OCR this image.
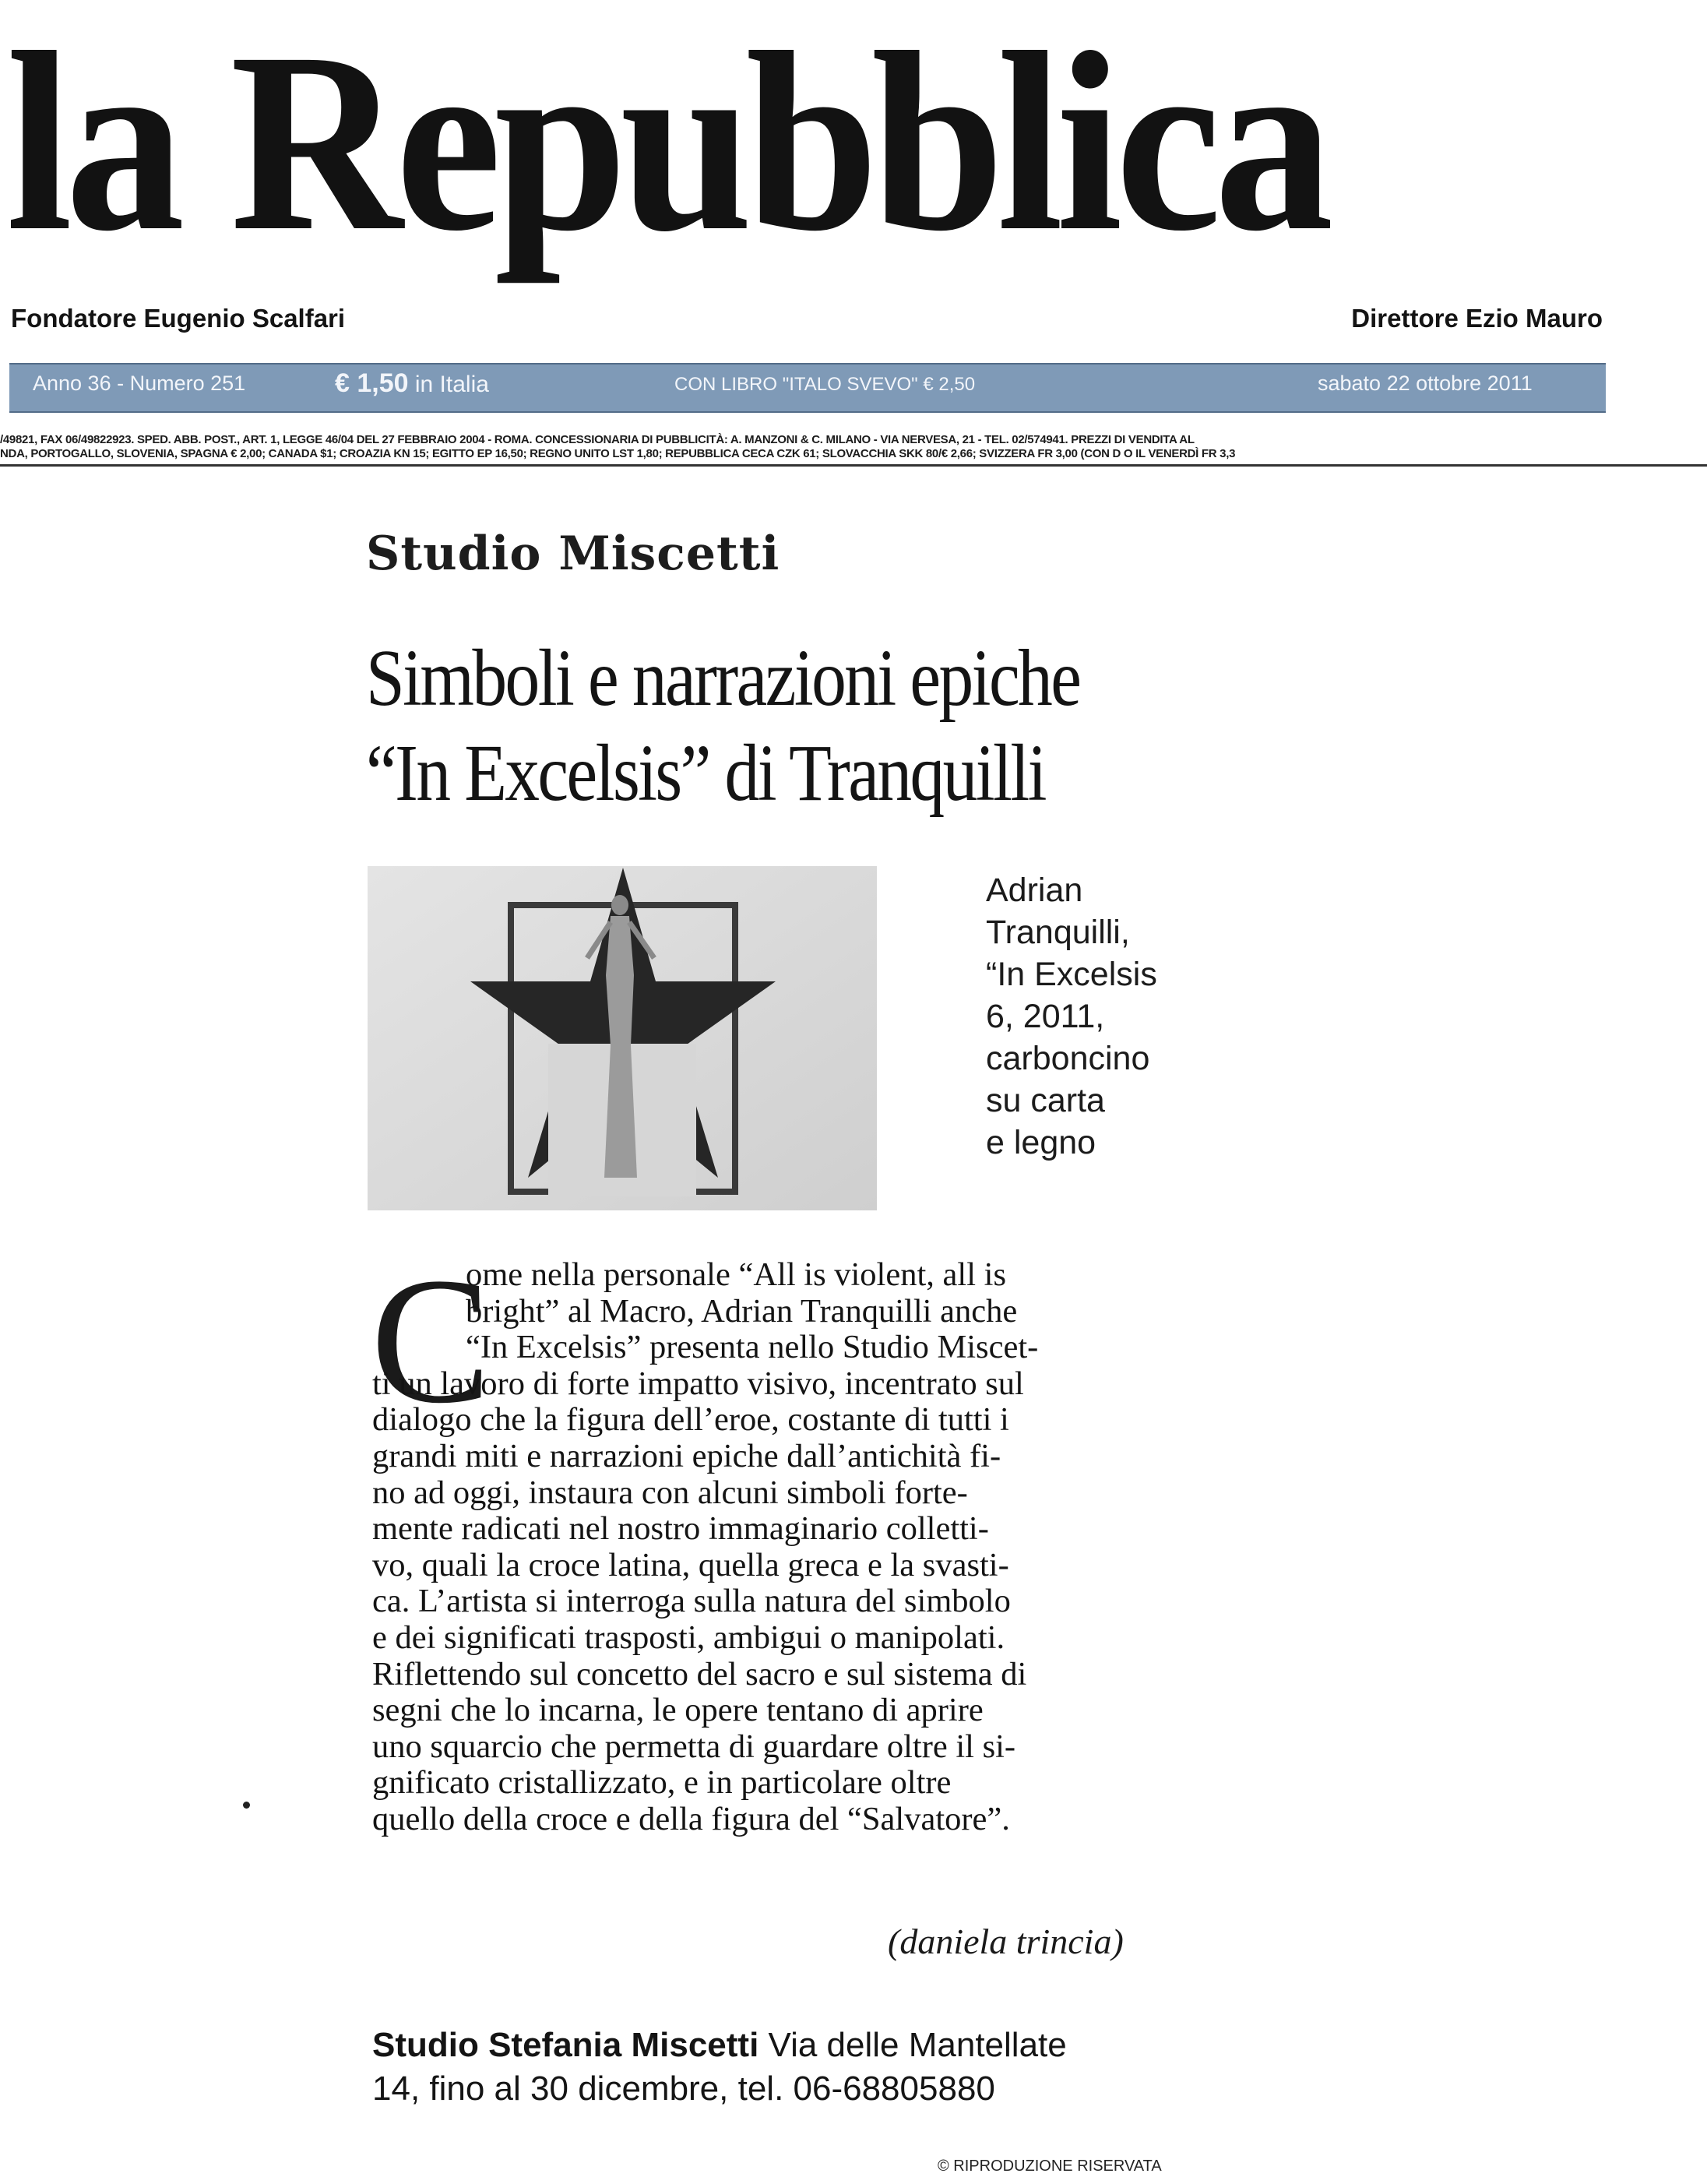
la Repubblica
Fondatore Eugenio Scalfari	Direttore Ezio Mauro
Anno 36 - Numero 251	€ 1,50 in Italia	CON LIBRO "ITALO SVEVO" € 2,50	sabato 22 ottobre 2011
/49821, FAX 06/49822923. SPED. ABB. POST., ART. 1, LEGGE 46/04 DEL 27 FEBBRAIO 2004 - ROMA. CONCESSIONARIA DI PUBBLICITÀ: A. MANZONI & C. MILANO - VIA NERVESA, 21 - TEL. 02/574941. PREZZI DI VENDITA AL
NDA, PORTOGALLO, SLOVENIA, SPAGNA € 2,00; CANADA $1; CROAZIA KN 15; EGITTO EP 16,50; REGNO UNITO LST 1,80; REPUBBLICA CECA CZK 61; SLOVACCHIA SKK 80/€ 2,66; SVIZZERA FR 3,00 (CON D O IL VENERDÌ FR 3,3
Studio Miscetti
Simboli e narrazioni epiche
“In Excelsis” di Tranquilli
Adrian
Tranquilli,
“In Excelsis
6, 2011,
carboncino
su carta
e legno
C
ome nella personale “All is violent, all is
bright” al Macro, Adrian Tranquilli anche
“In Excelsis” presenta nello Studio Miscet-
ti un lavoro di forte impatto visivo, incentrato sul
dialogo che la figura dell’eroe, costante di tutti i
grandi miti e narrazioni epiche dall’antichità fi-
no ad oggi, instaura con alcuni simboli forte-
mente radicati nel nostro immaginario colletti-
vo, quali la croce latina, quella greca e la svasti-
ca. L’artista si interroga sulla natura del simbolo
e dei significati trasposti, ambigui o manipolati.
Riflettendo sul concetto del sacro e sul sistema di
segni che lo incarna, le opere tentano di aprire
uno squarcio che permetta di guardare oltre il si-
gnificato cristallizzato, e in particolare oltre
quello della croce e della figura del “Salvatore”.
(daniela trincia)
Studio Stefania Miscetti Via delle Mantellate
14, fino al 30 dicembre, tel. 06-68805880
© RIPRODUZIONE RISERVATA
